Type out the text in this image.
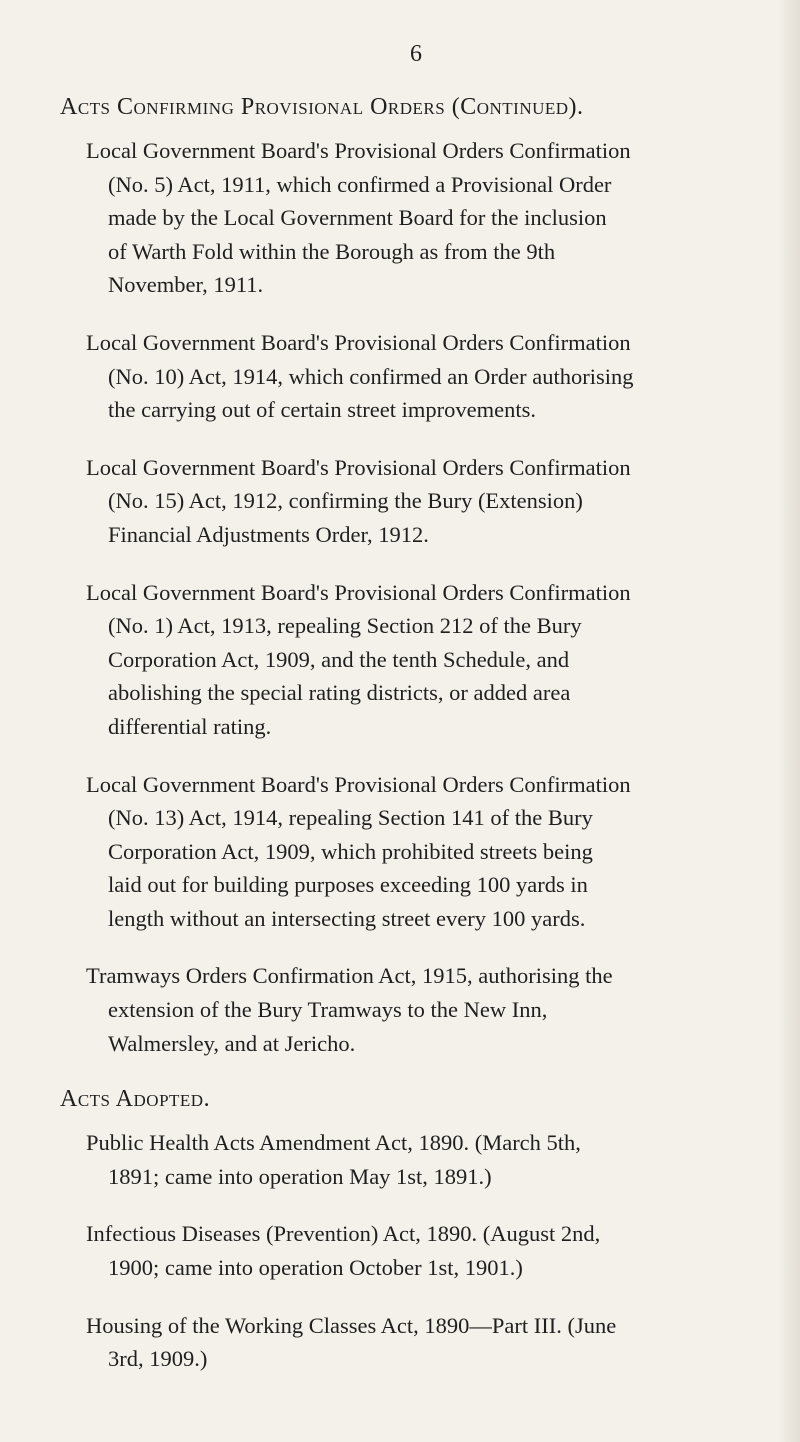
6
Acts Confirming Provisional Orders (Continued).
Local Government Board's Provisional Orders Confirmation
(No. 5) Act, 1911, which confirmed a Provisional Order
made by the Local Government Board for the inclusion
of Warth Fold within the Borough as from the 9th
November, 1911.
Local Government Board's Provisional Orders Confirmation
(No. 10) Act, 1914, which confirmed an Order authorising
the carrying out of certain street improvements.
Local Government Board's Provisional Orders Confirmation
(No. 15) Act, 1912, confirming the Bury (Extension)
Financial Adjustments Order, 1912.
Local Government Board's Provisional Orders Confirmation
(No. 1) Act, 1913, repealing Section 212 of the Bury
Corporation Act, 1909, and the tenth Schedule, and
abolishing the special rating districts, or added area
differential rating.
Local Government Board's Provisional Orders Confirmation
(No. 13) Act, 1914, repealing Section 141 of the Bury
Corporation Act, 1909, which prohibited streets being
laid out for building purposes exceeding 100 yards in
length without an intersecting street every 100 yards.
Tramways Orders Confirmation Act, 1915, authorising the
extension of the Bury Tramways to the New Inn,
Walmersley, and at Jericho.
Acts Adopted.
Public Health Acts Amendment Act, 1890. (March 5th,
1891; came into operation May 1st, 1891.)
Infectious Diseases (Prevention) Act, 1890. (August 2nd,
1900; came into operation October 1st, 1901.)
Housing of the Working Classes Act, 1890—Part III. (June
3rd, 1909.)
